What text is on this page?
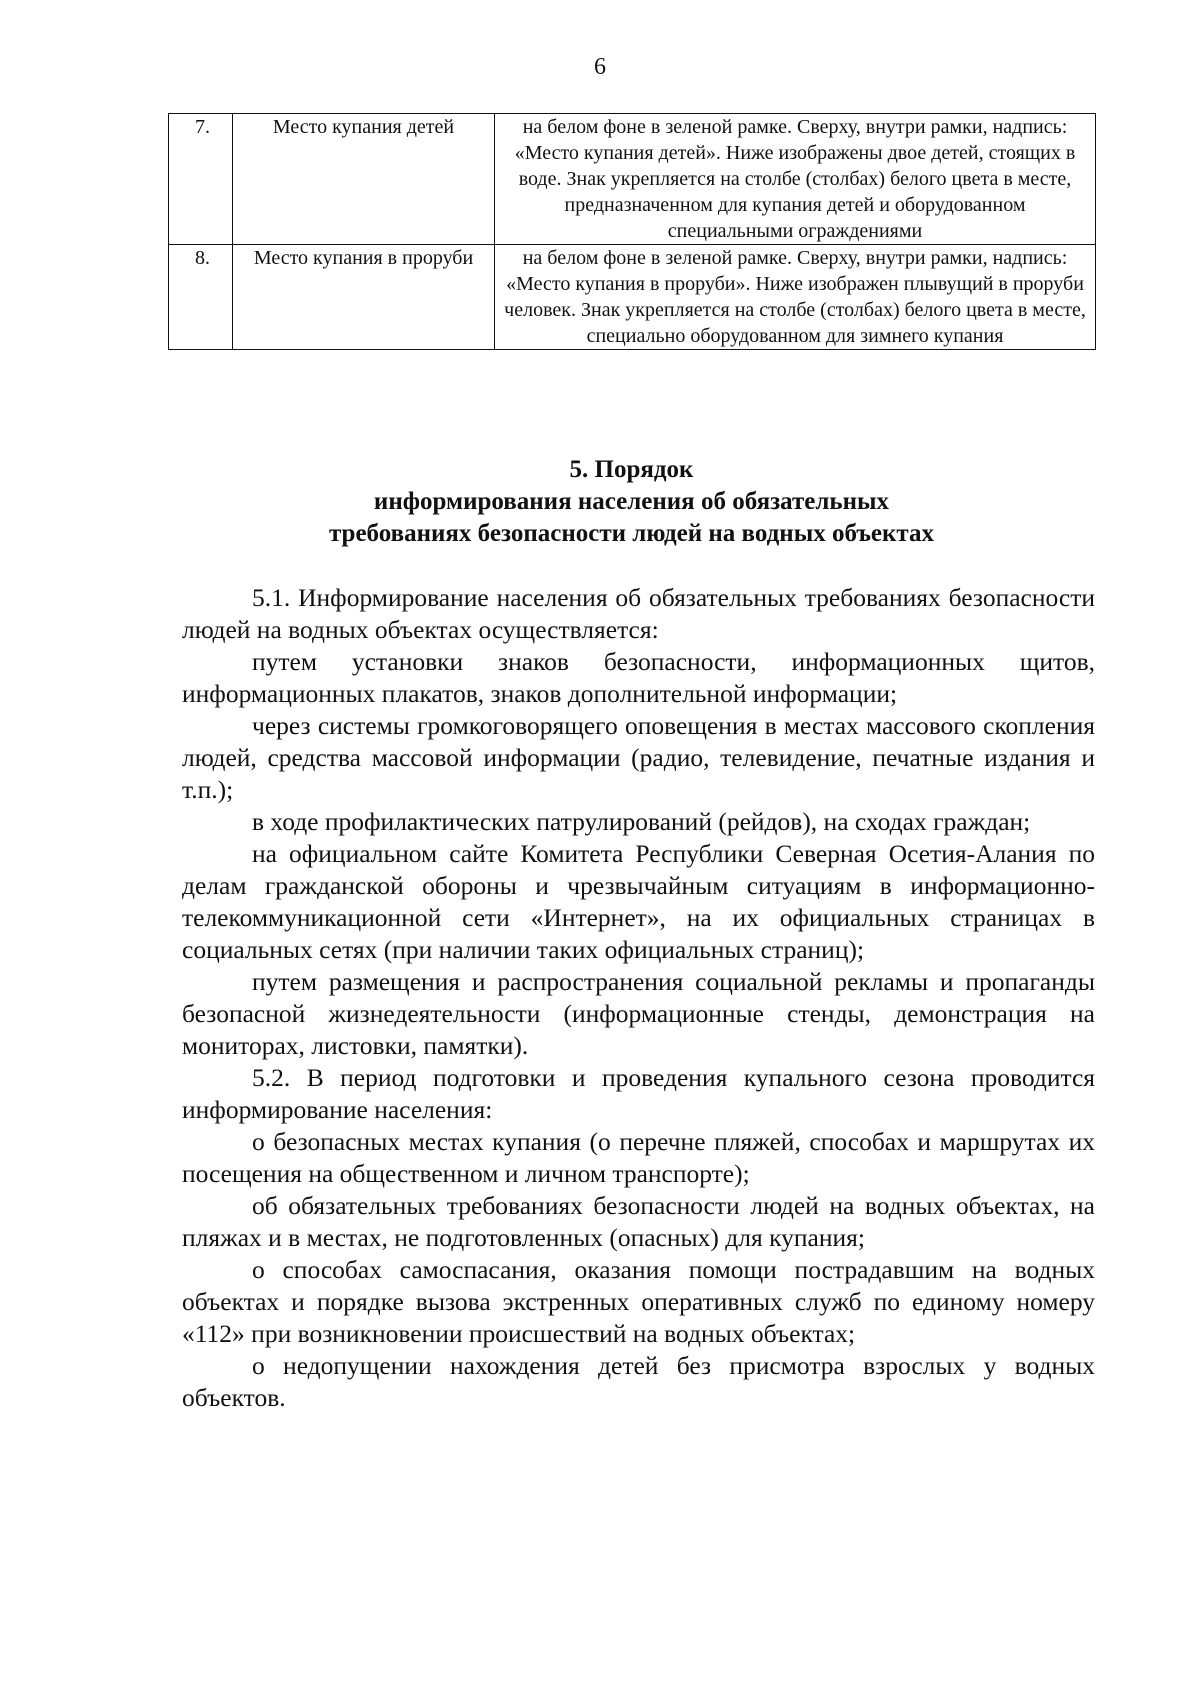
6
7.	Место купания детей	на белом фоне в зеленой рамке. Сверху, внутри рамки, надпись: «Место купания детей». Ниже изображены двое детей, стоящих в воде. Знак укрепляется на столбе (столбах) белого цвета в месте, предназначенном для купания детей и оборудованном специальными ограждениями
8.	Место купания в проруби	на белом фоне в зеленой рамке. Сверху, внутри рамки, надпись: «Место купания в проруби». Ниже изображен плывущий в проруби человек. Знак укрепляется на столбе (столбах) белого цвета в месте, специально оборудованном для зимнего купания
5. Порядок
информирования населения об обязательных
требованиях безопасности людей на водных объектах

5.1. Информирование населения об обязательных требованиях безопасности людей на водных объектах осуществляется:

путем установки знаков безопасности, информационных щитов, информационных плакатов, знаков дополнительной информации;

через системы громкоговорящего оповещения в местах массового скопления людей, средства массовой информации (радио, телевидение, печатные издания и т.п.);

в ходе профилактических патрулирований (рейдов), на сходах граждан;

на официальном сайте Комитета Республики Северная Осетия-Алания по делам гражданской обороны и чрезвычайным ситуациям в информационно-телекоммуникационной сети «Интернет», на их официальных страницах в социальных сетях (при наличии таких официальных страниц);

путем размещения и распространения социальной рекламы и пропаганды безопасной жизнедеятельности (информационные стенды, демонстрация на мониторах, листовки, памятки).

5.2. В период подготовки и проведения купального сезона проводится информирование населения:

о безопасных местах купания (о перечне пляжей, способах и маршрутах их посещения на общественном и личном транспорте);

об обязательных требованиях безопасности людей на водных объектах, на пляжах и в местах, не подготовленных (опасных) для купания;

о способах самоспасания, оказания помощи пострадавшим на водных объектах и порядке вызова экстренных оперативных служб по единому номеру «112» при возникновении происшествий на водных объектах;

о недопущении нахождения детей без присмотра взрослых у водных объектов.
